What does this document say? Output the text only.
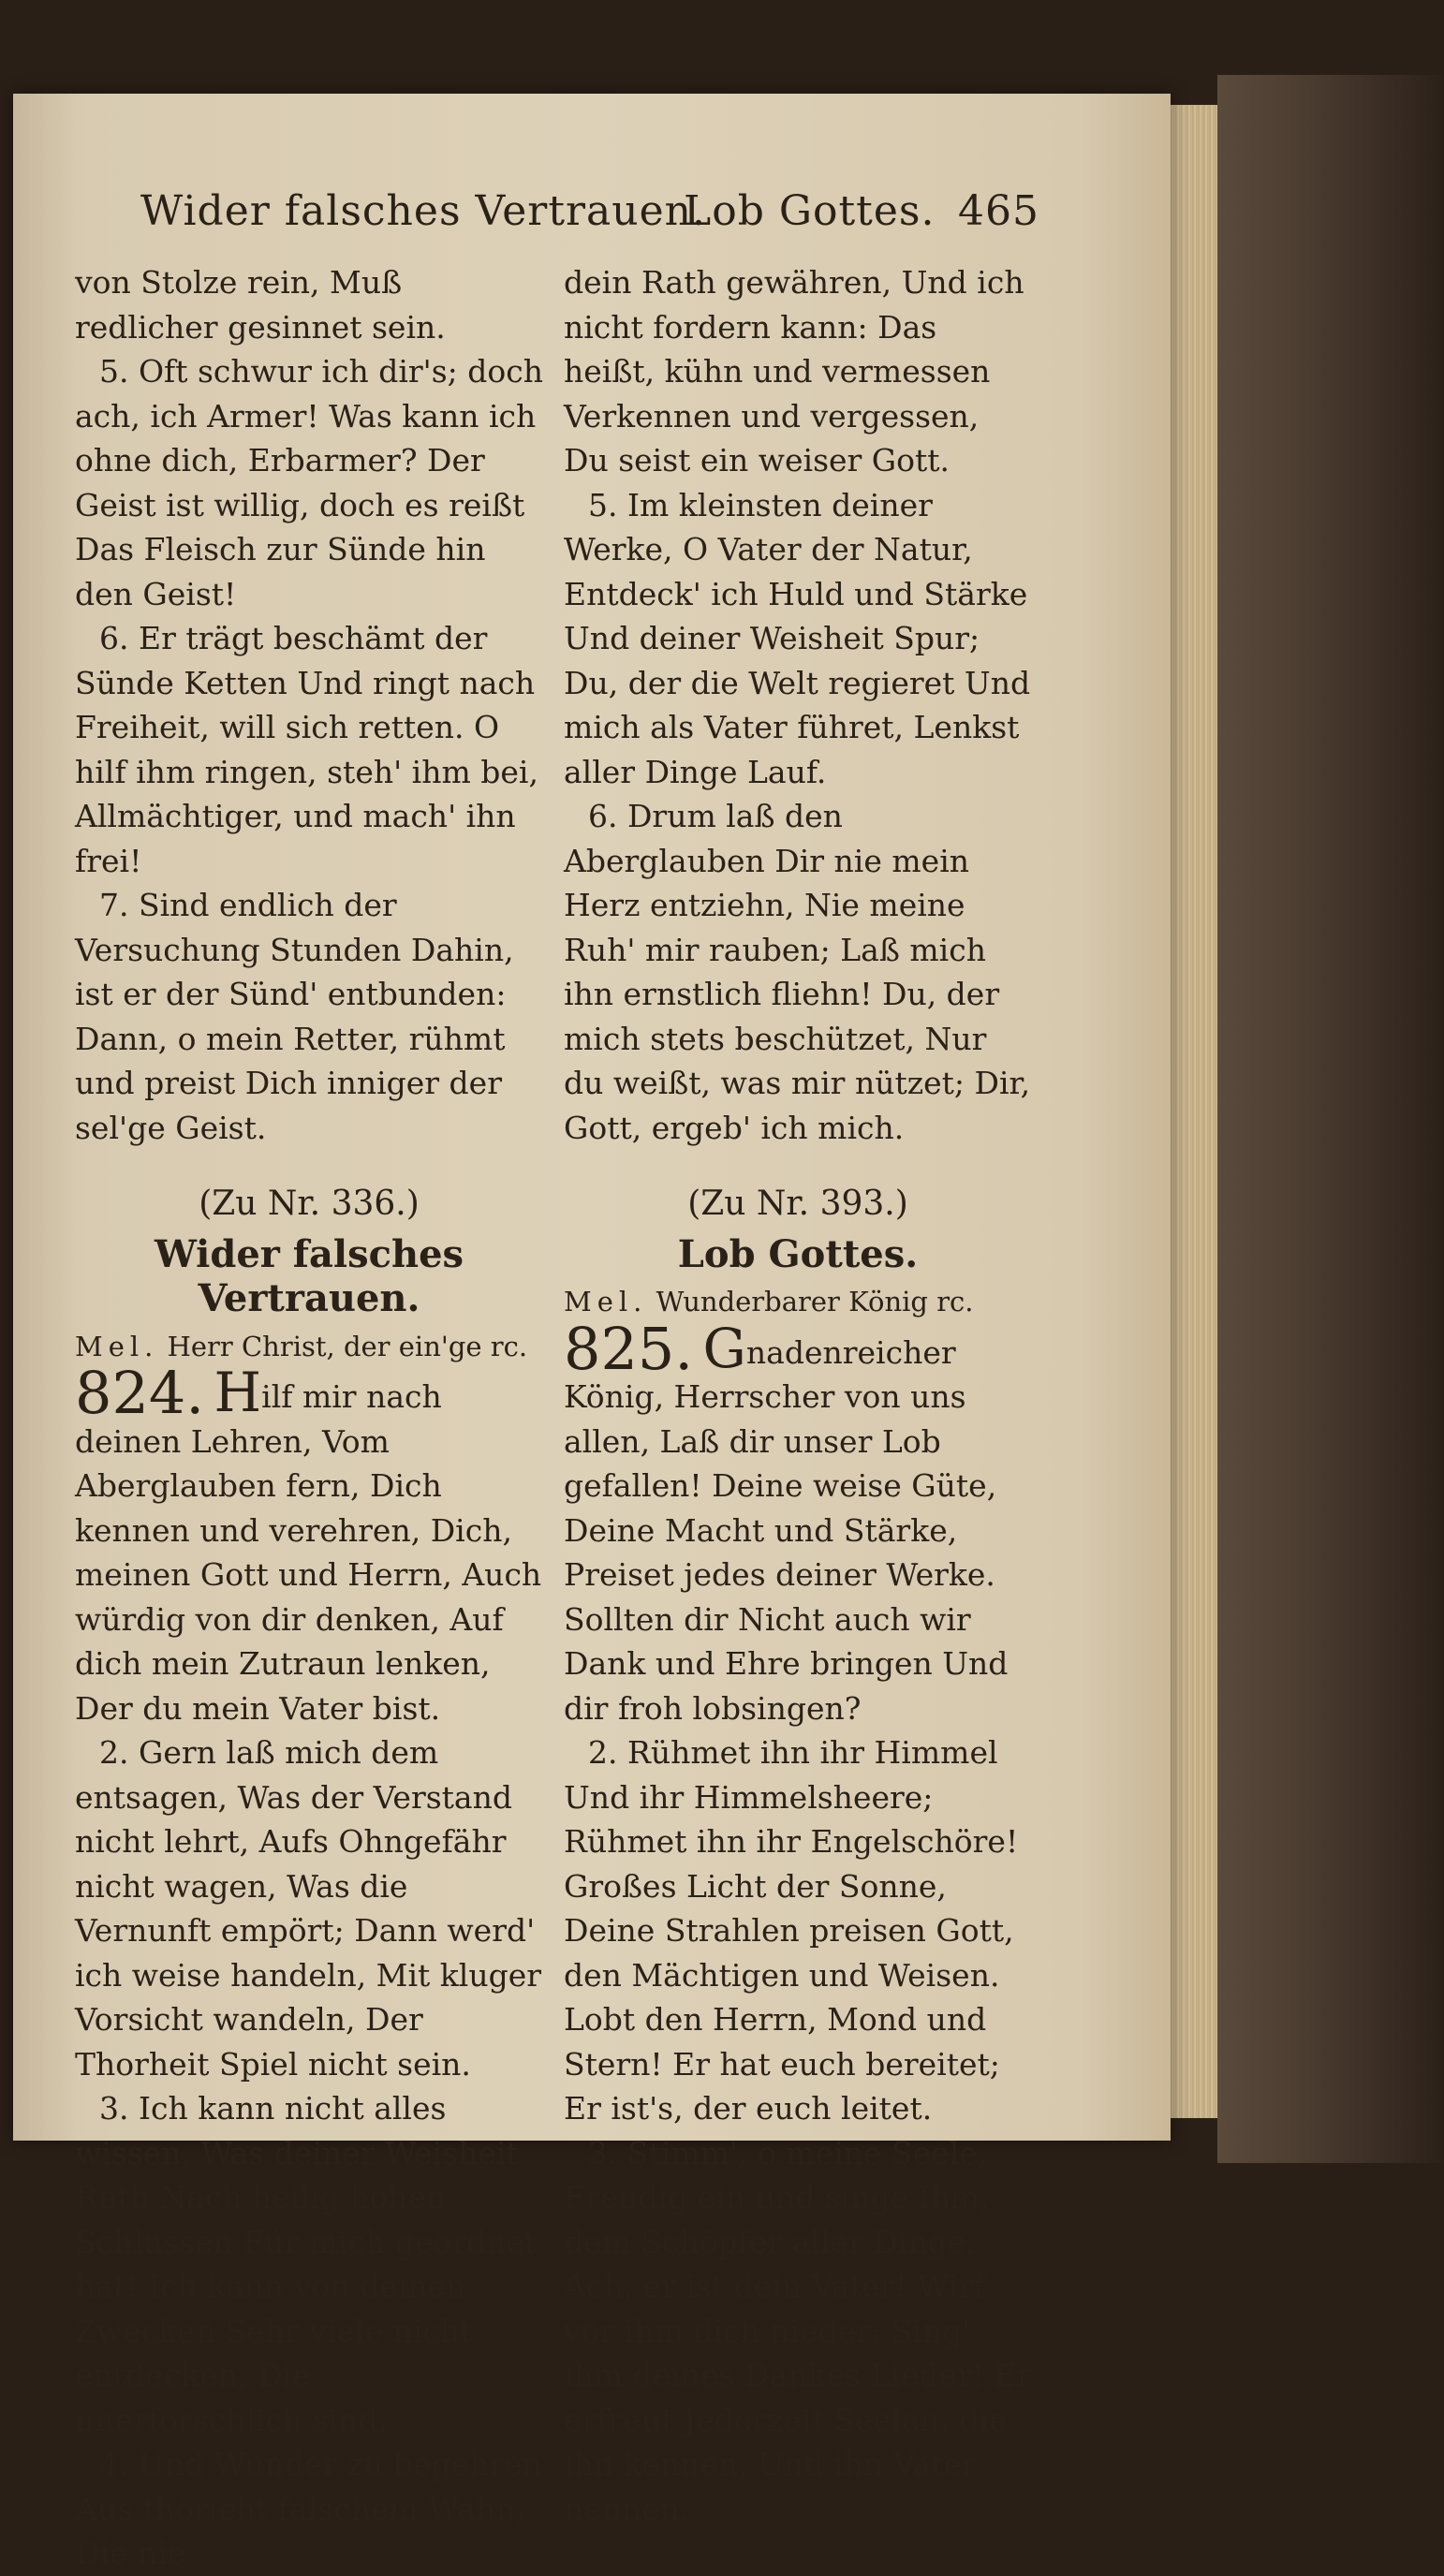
Wider falsches Vertrauen.
Lob Gottes. 465

von Stolze rein, Muß redlicher gesinnet sein.

5. Oft schwur ich dir's; doch ach, ich Armer! Was kann ich ohne dich, Erbarmer? Der Geist ist willig, doch es reißt Das Fleisch zur Sünde hin den Geist!

6. Er trägt beschämt der Sünde Ketten Und ringt nach Freiheit, will sich retten. O hilf ihm ringen, steh' ihm bei, Allmächtiger, und mach' ihn frei!

7. Sind endlich der Versuchung Stunden Dahin, ist er der Sünd' entbunden: Dann, o mein Retter, rühmt und preist Dich inniger der sel'ge Geist.

(Zu Nr. 336.)

Wider falsches Vertrauen.

Mel. Herr Christ, der ein'ge rc.

824. Hilf mir nach deinen Lehren, Vom Aberglauben fern, Dich kennen und verehren, Dich, meinen Gott und Herrn, Auch würdig von dir denken, Auf dich mein Zutraun lenken, Der du mein Vater bist.

2. Gern laß mich dem entsagen, Was der Verstand nicht lehrt, Aufs Ohngefähr nicht wagen, Was die Vernunft empört; Dann werd' ich weise handeln, Mit kluger Vorsicht wandeln, Der Thorheit Spiel nicht sein.

3. Ich kann nicht alles wissen, Was deiner Weisheit Rath Nach heilig hohen Schlüssen Für mich geordnet hat! Ich kann von deinen Zwecken Sehr viele nicht entdecken, Die unerforschlich sind.

4. Und Wunder zu begehren Aus thöricht falschem Wahn, Die nie

dein Rath gewähren, Und ich nicht fordern kann: Das heißt, kühn und vermessen Verkennen und vergessen, Du seist ein weiser Gott.

5. Im kleinsten deiner Werke, O Vater der Natur, Entdeck' ich Huld und Stärke Und deiner Weisheit Spur; Du, der die Welt regieret Und mich als Vater führet, Lenkst aller Dinge Lauf.

6. Drum laß den Aberglauben Dir nie mein Herz entziehn, Nie meine Ruh' mir rauben; Laß mich ihn ernstlich fliehn! Du, der mich stets beschützet, Nur du weißt, was mir nützet; Dir, Gott, ergeb' ich mich.

(Zu Nr. 393.)

Lob Gottes.

Mel. Wunderbarer König rc.

825. Gnadenreicher König, Herrscher von uns allen, Laß dir unser Lob gefallen! Deine weise Güte, Deine Macht und Stärke, Preiset jedes deiner Werke. Sollten dir Nicht auch wir Dank und Ehre bringen Und dir froh lobsingen?

2. Rühmet ihn ihr Himmel Und ihr Himmelsheere; Rühmet ihn ihr Engelschöre! Großes Licht der Sonne, Deine Strahlen preisen Gott, den Mächtigen und Weisen. Lobt den Herrn, Mond und Stern! Er hat euch bereitet; Er ist's, der euch leitet.

3. Stimm', o meine Seele, Freudig ein und singe Ihm, dem Schöpfer aller Dinge. Ach, er ist dein Vater! Wirf vor ihm dich nieder; Sing' ihm deines Dankes Lieder! Er erfreut Jederzeit Seelen, die ihn kennen, Und ihn Vater nennen.
